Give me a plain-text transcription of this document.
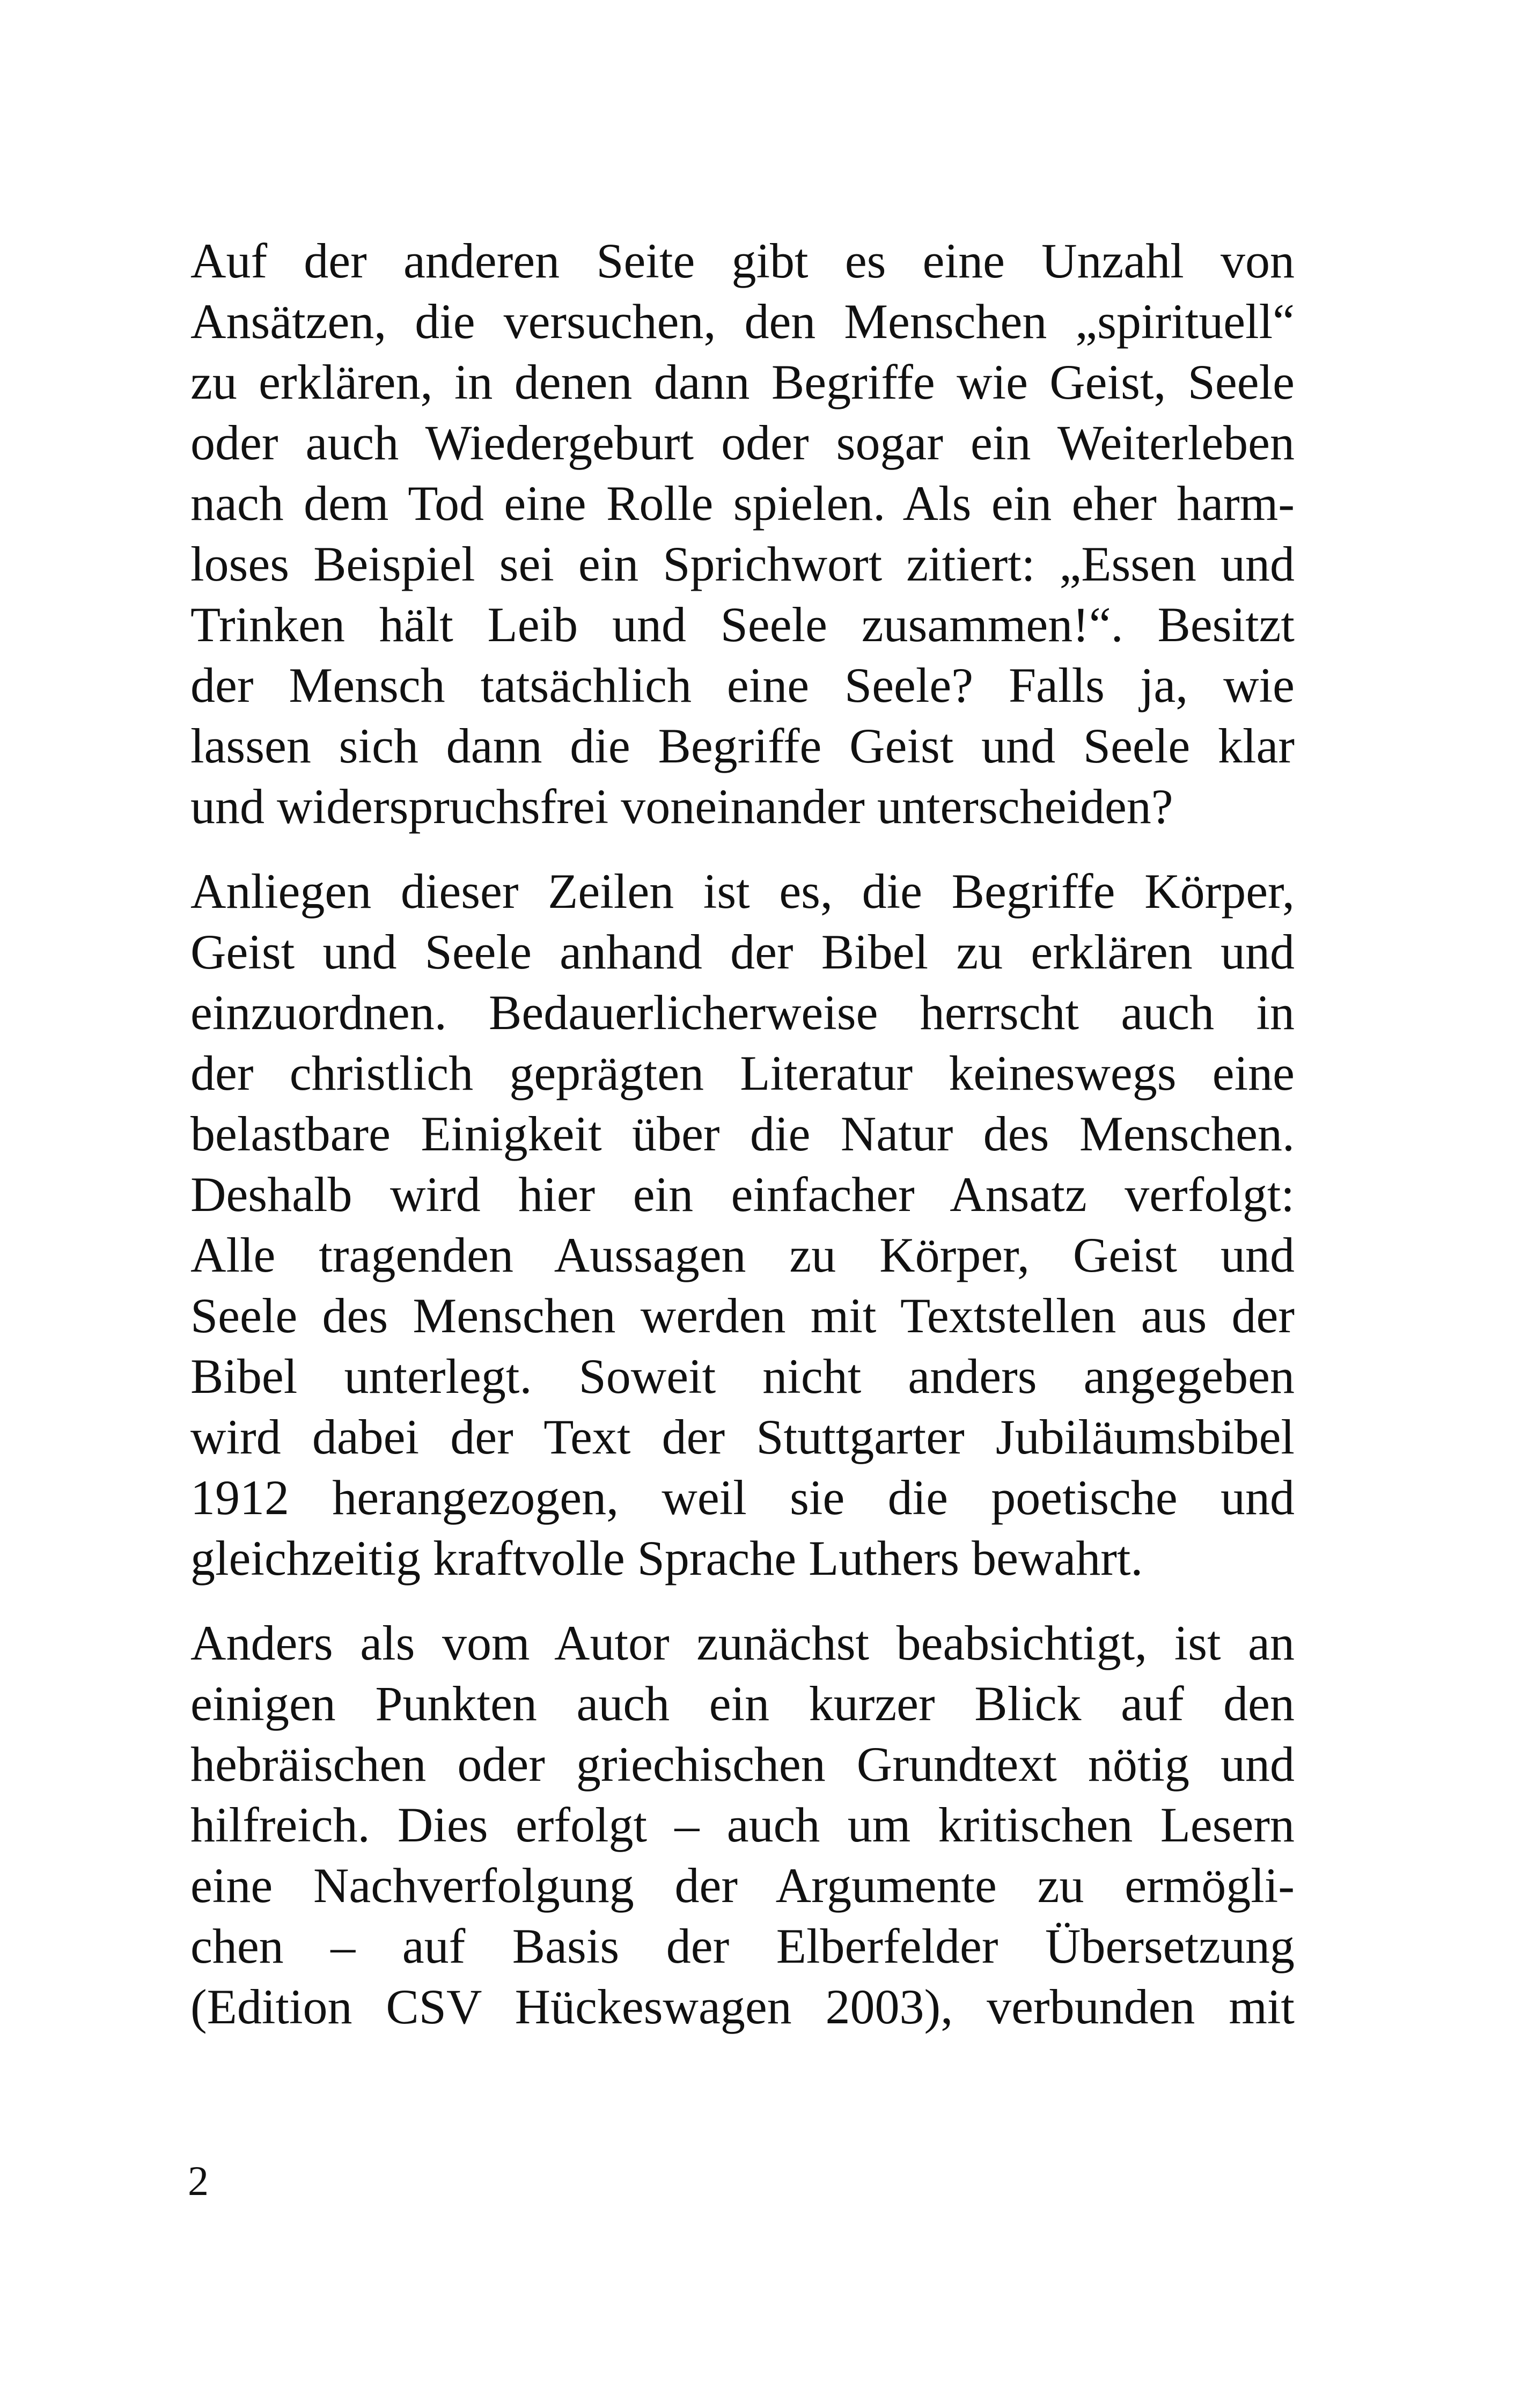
Auf der anderen Seite gibt es eine Unzahl von
Ansätzen, die versuchen, den Menschen „spirituell“
zu erklären, in denen dann Begriffe wie Geist, Seele
oder auch Wiedergeburt oder sogar ein Weiterleben
nach dem Tod eine Rolle spielen. Als ein eher harm-
loses Beispiel sei ein Sprichwort zitiert: „Essen und
Trinken hält Leib und Seele zusammen!“. Besitzt
der Mensch tatsächlich eine Seele? Falls ja, wie
lassen sich dann die Begriffe Geist und Seele klar
und widerspruchsfrei voneinander unterscheiden?
Anliegen dieser Zeilen ist es, die Begriffe Körper,
Geist und Seele anhand der Bibel zu erklären und
einzuordnen. Bedauerlicherweise herrscht auch in
der christlich geprägten Literatur keineswegs eine
belastbare Einigkeit über die Natur des Menschen.
Deshalb wird hier ein einfacher Ansatz verfolgt:
Alle tragenden Aussagen zu Körper, Geist und
Seele des Menschen werden mit Textstellen aus der
Bibel unterlegt. Soweit nicht anders angegeben
wird dabei der Text der Stuttgarter Jubiläumsbibel
1912 herangezogen, weil sie die poetische und
gleichzeitig kraftvolle Sprache Luthers bewahrt.
Anders als vom Autor zunächst beabsichtigt, ist an
einigen Punkten auch ein kurzer Blick auf den
hebräischen oder griechischen Grundtext nötig und
hilfreich. Dies erfolgt – auch um kritischen Lesern
eine Nachverfolgung der Argumente zu ermögli-
chen – auf Basis der Elberfelder Übersetzung
(Edition CSV Hückeswagen 2003), verbunden mit
2
